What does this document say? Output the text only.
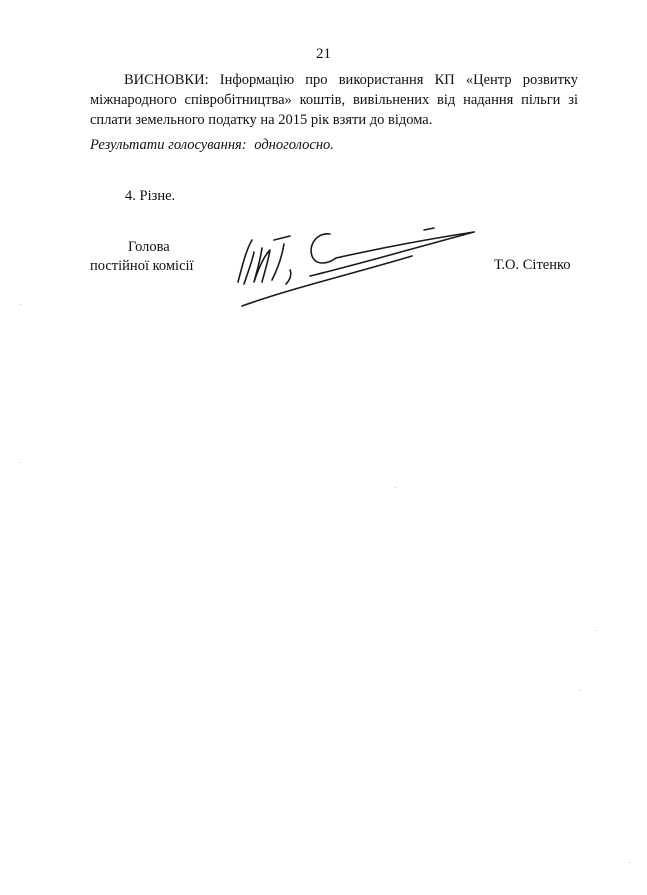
21

ВИСНОВКИ: Інформацію про використання КП «Центр розвитку міжнародного співробітництва» коштів, вивільнених від надання пільги зі сплати земельного податку на 2015 рік взяти до відома.

Результати голосування: одноголосно.
4. Різне.
Голова
постійної комісії	Т.О. Сітенко
